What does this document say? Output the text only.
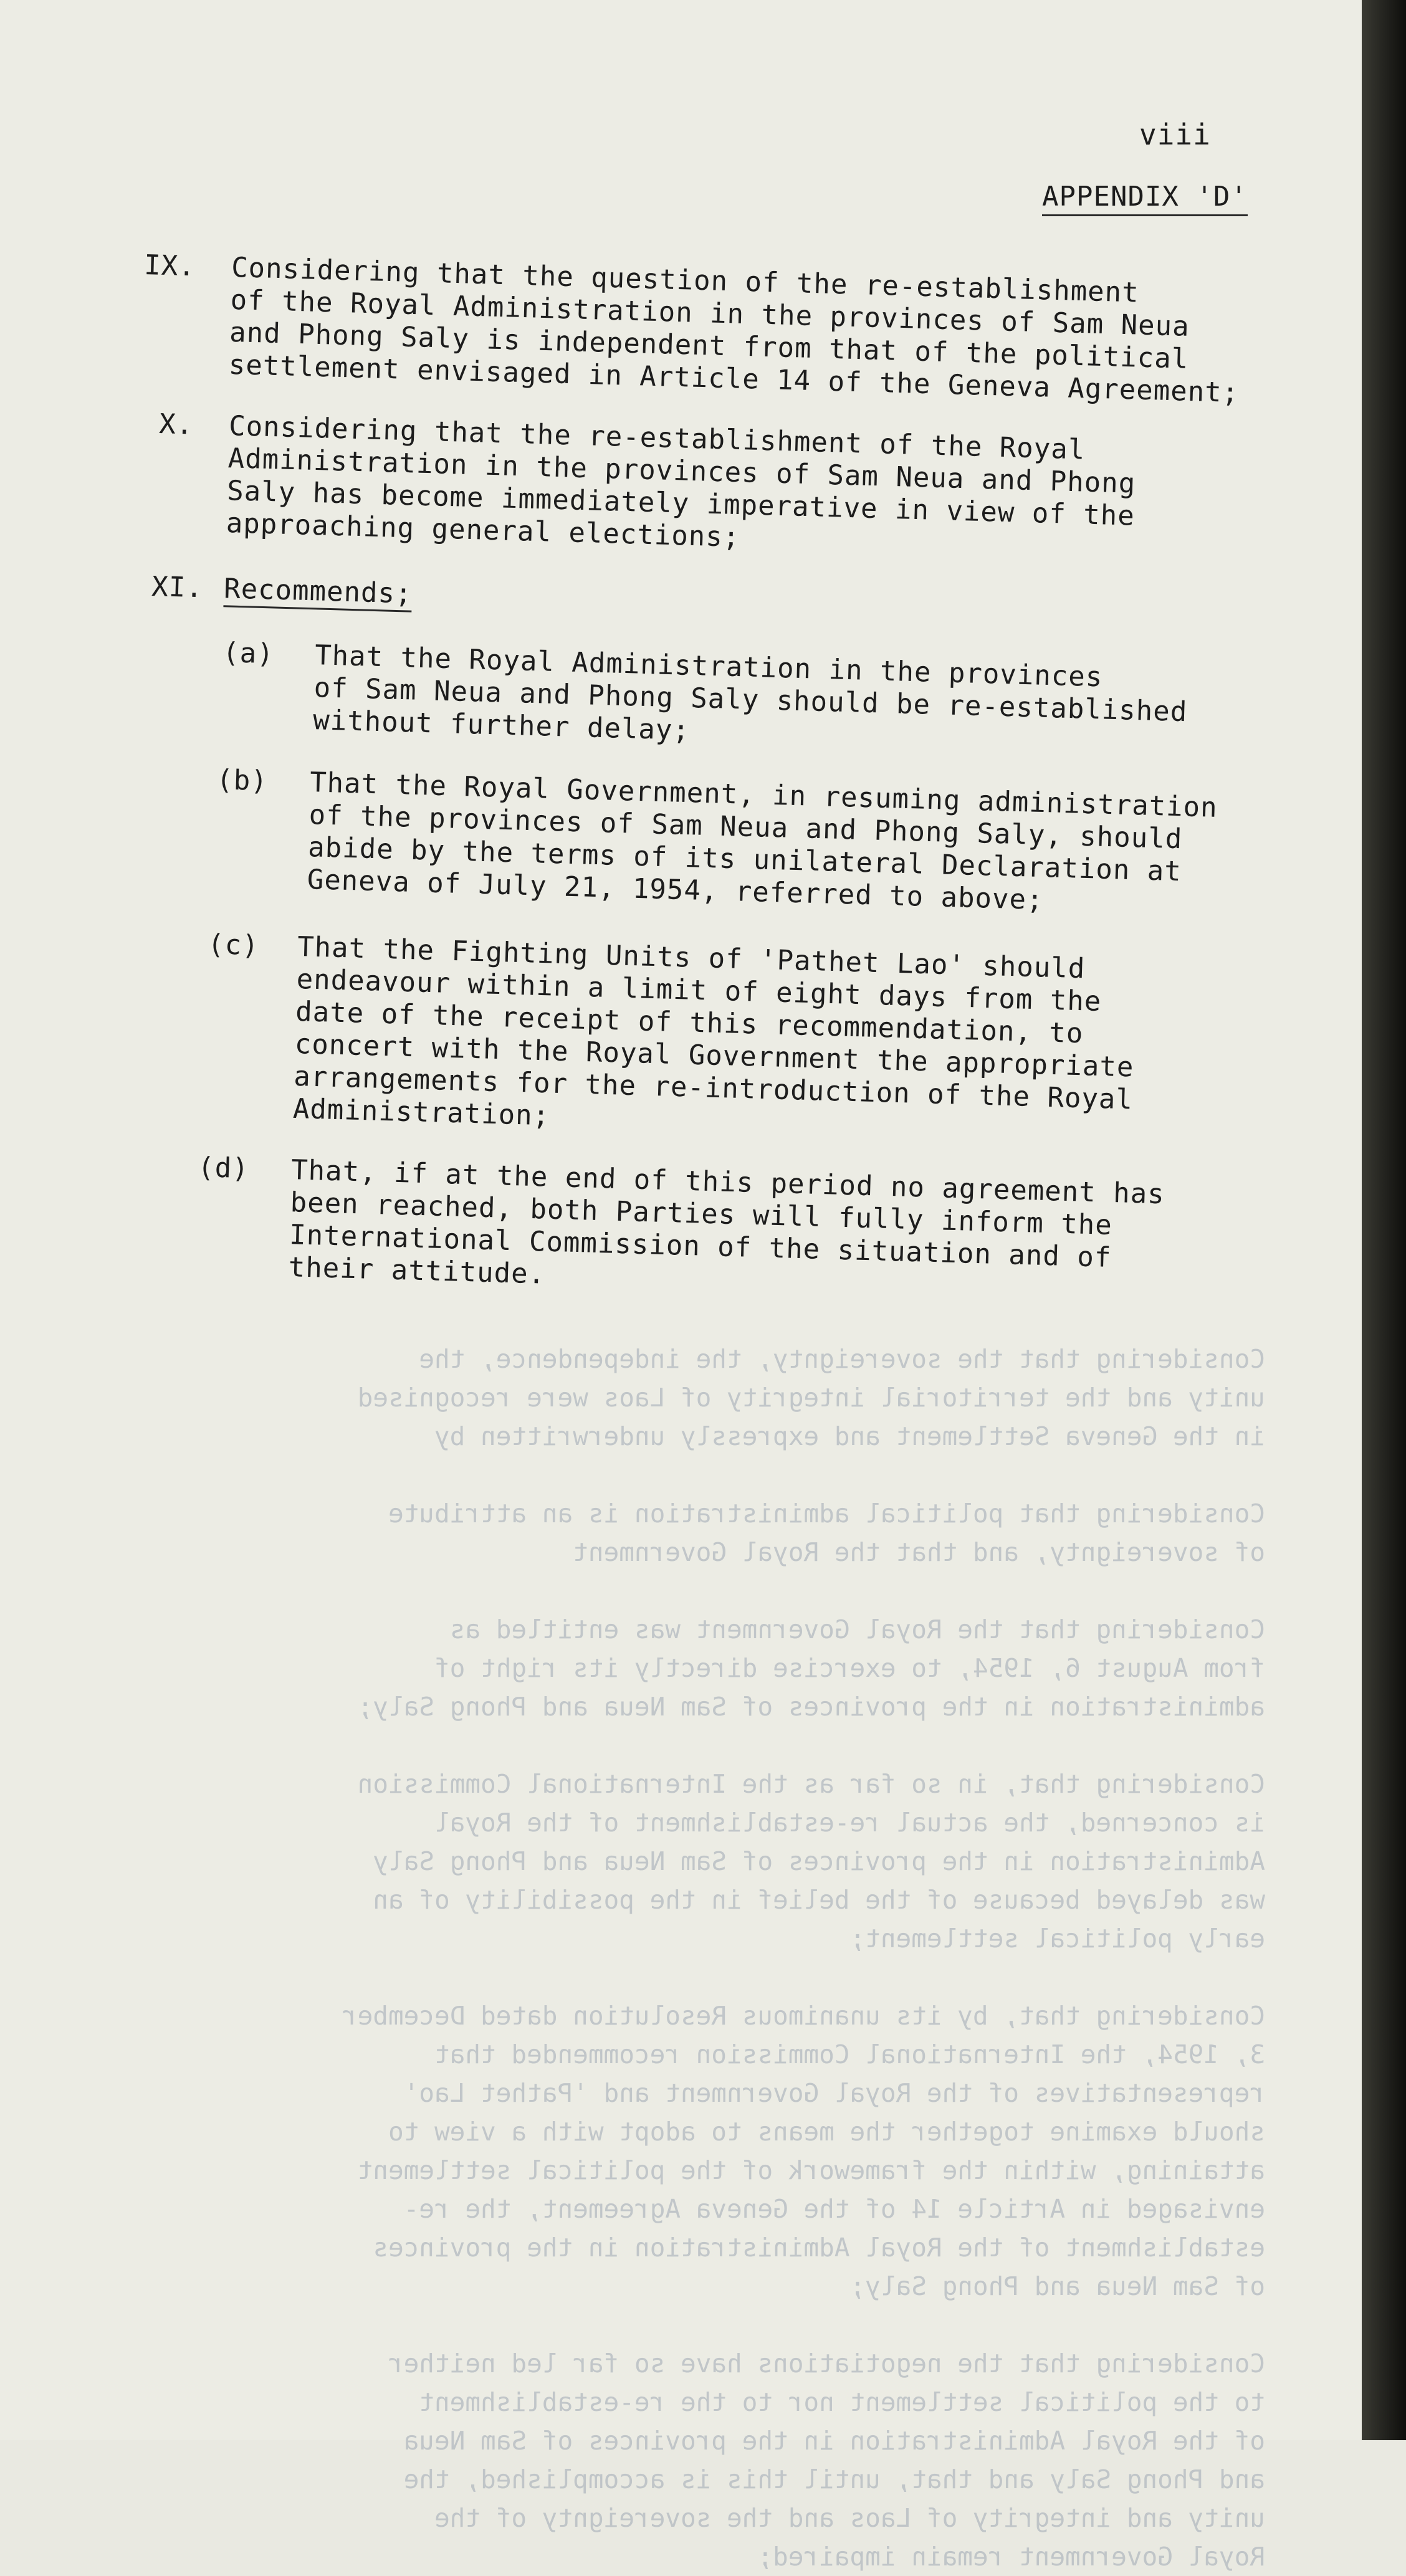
Considering that the sovereignty, the independence, the
unity and the territorial integrity of Laos were recognised
in the Geneva Settlement and expressly underwritten by

Considering that political administration is an attribute
of sovereignty, and that the Royal Government

Considering that the Royal Government was entitled as
from August 6, 1954, to exercise directly its right of
administration in the provinces of Sam Neua and Phong Saly;

Considering that, in so far as the International Commission
is concerned, the actual re-establishment of the Royal
Administration in the provinces of Sam Neua and Phong Saly
was delayed because of the belief in the possibility of an
early political settlement;

Considering that, by its unanimous Resolution dated December
3, 1954, the International Commission recommended that
representatives of the Royal Government and 'Pathet Lao'
should examine together the means to adopt with a view to
attaining, within the framework of the political settlement
envisaged in Article 14 of the Geneva Agreement, the re-
establishment of the Royal Administration in the provinces
of Sam Neua and Phong Saly;

Considering that the negotiations have so far led neither
to the political settlement nor to the re-establishment
of the Royal Administration in the provinces of Sam Neua
and Phong Saly and that, until this is accomplished, the
unity and integrity of Laos and the sovereignty of the
Royal Government remain impaired;
viii
APPENDIX 'D'
IX. Considering that the question of the re-establishment
of the Royal Administration in the provinces of Sam Neua
and Phong Saly is independent from that of the political
settlement envisaged in Article 14 of the Geneva Agreement;
X. Considering that the re-establishment of the Royal
Administration in the provinces of Sam Neua and Phong
Saly has become immediately imperative in view of the
approaching general elections;
XI. Recommends;
(a) That the Royal Administration in the provinces
of Sam Neua and Phong Saly should be re-established
without further delay;
(b) That the Royal Government, in resuming administration
of the provinces of Sam Neua and Phong Saly, should
abide by the terms of its unilateral Declaration at
Geneva of July 21, 1954, referred to above;
(c) That the Fighting Units of 'Pathet Lao' should
endeavour within a limit of eight days from the
date of the receipt of this recommendation, to
concert with the Royal Government the appropriate
arrangements for the re-introduction of the Royal
Administration;
(d) That, if at the end of this period no agreement has
been reached, both Parties will fully inform the
International Commission of the situation and of
their attitude.
